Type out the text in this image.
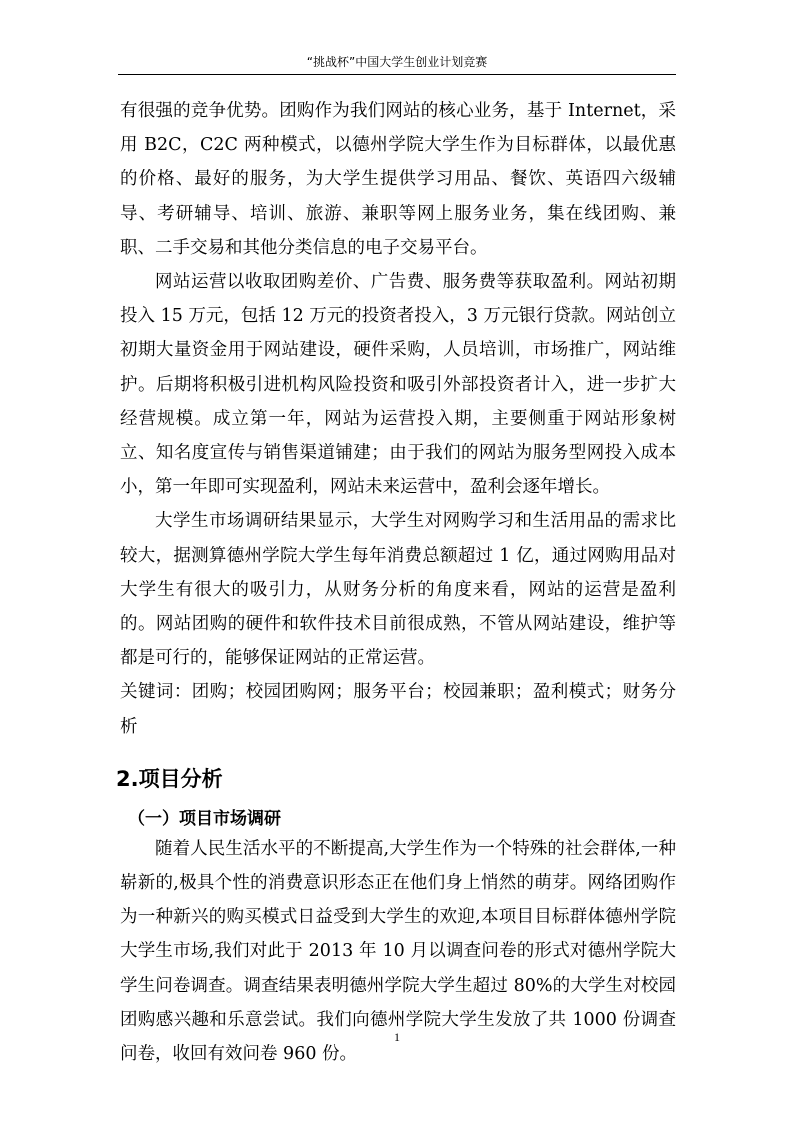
“挑战杯”中国大学生创业计划竞赛

有很强的竞争优势。团购作为我们网站的核心业务，基于 Internet，采用 B2C，C2C 两种模式，以德州学院大学生作为目标群体，以最优惠的价格、最好的服务，为大学生提供学习用品、餐饮、英语四六级辅导、考研辅导、培训、旅游、兼职等网上服务业务，集在线团购、兼职、二手交易和其他分类信息的电子交易平台。

网站运营以收取团购差价、广告费、服务费等获取盈利。网站初期投入 15 万元，包括 12 万元的投资者投入，3 万元银行贷款。网站创立初期大量资金用于网站建设，硬件采购，人员培训，市场推广，网站维护。后期将积极引进机构风险投资和吸引外部投资者计入，进一步扩大经营规模。成立第一年，网站为运营投入期，主要侧重于网站形象树立、知名度宣传与销售渠道铺建；由于我们的网站为服务型网投入成本小，第一年即可实现盈利，网站未来运营中，盈利会逐年增长。

大学生市场调研结果显示，大学生对网购学习和生活用品的需求比较大，据测算德州学院大学生每年消费总额超过 1 亿，通过网购用品对大学生有很大的吸引力，从财务分析的角度来看，网站的运营是盈利的。网站团购的硬件和软件技术目前很成熟，不管从网站建设，维护等都是可行的，能够保证网站的正常运营。

关键词：团购；校园团购网；服务平台；校园兼职；盈利模式；财务分析

2.项目分析
（一）项目市场调研

随着人民生活水平的不断提高,大学生作为一个特殊的社会群体,一种崭新的,极具个性的消费意识形态正在他们身上悄然的萌芽。网络团购作为一种新兴的购买模式日益受到大学生的欢迎,本项目目标群体德州学院大学生市场,我们对此于 2013 年 10 月以调查问卷的形式对德州学院大学生问卷调查。调查结果表明德州学院大学生超过 80%的大学生对校园团购感兴趣和乐意尝试。我们向德州学院大学生发放了共 1000 份调查问卷，收回有效问卷 960 份。

1
